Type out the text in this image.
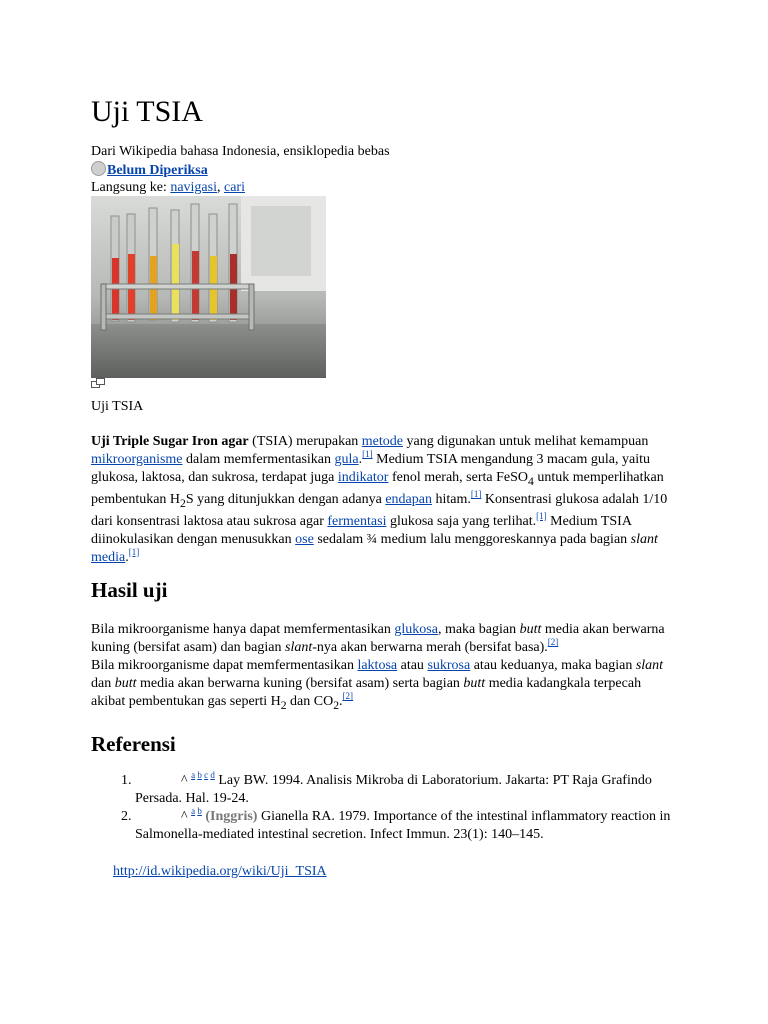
Uji TSIA

Dari Wikipedia bahasa Indonesia, ensiklopedia bebas

Belum Diperiksa

Langsung ke: navigasi, cari

Uji TSIA

Uji Triple Sugar Iron agar (TSIA) merupakan metode yang digunakan untuk melihat kemampuan mikroorganisme dalam memfermentasikan gula.[1] Medium TSIA mengandung 3 macam gula, yaitu glukosa, laktosa, dan sukrosa, terdapat juga indikator fenol merah, serta FeSO$_4$ untuk memperlihatkan pembentukan $H_2S$ yang ditunjukkan dengan adanya endapan hitam.[1] Konsentrasi glukosa adalah 1/10 dari konsentrasi laktosa atau sukrosa agar fermentasi glukosa saja yang terlihat.[1] Medium TSIA diinokulasikan dengan menusukkan ose sedalam ¾ medium lalu menggoreskannya pada bagian slant media.[1]

Hasil uji

Bila mikroorganisme hanya dapat memfermentasikan glukosa, maka bagian butt media akan berwarna kuning (bersifat asam) dan bagian slant-nya akan berwarna merah (bersifat basa).[2]
Bila mikroorganisme dapat memfermentasikan laktosa atau sukrosa atau keduanya, maka bagian slant dan butt media akan berwarna kuning (bersifat asam) serta bagian butt media kadangkala terpecah akibat pembentukan gas seperti $H_2$ dan $CO_2.[2]$

Referensi
1. ^ $^{a b c d}$ Lay BW. 1994. Analisis Mikroba di Laboratorium. Jakarta: PT Raja Grafindo Persada. Hal. 19-24.
2. ^ $^{a b}$ (Inggris) Gianella RA. 1979. Importance of the intestinal inflammatory reaction in Salmonella-mediated intestinal secretion. Infect Immun. 23(1): 140–145.

http://id.wikipedia.org/wiki/Uji_TSIA
